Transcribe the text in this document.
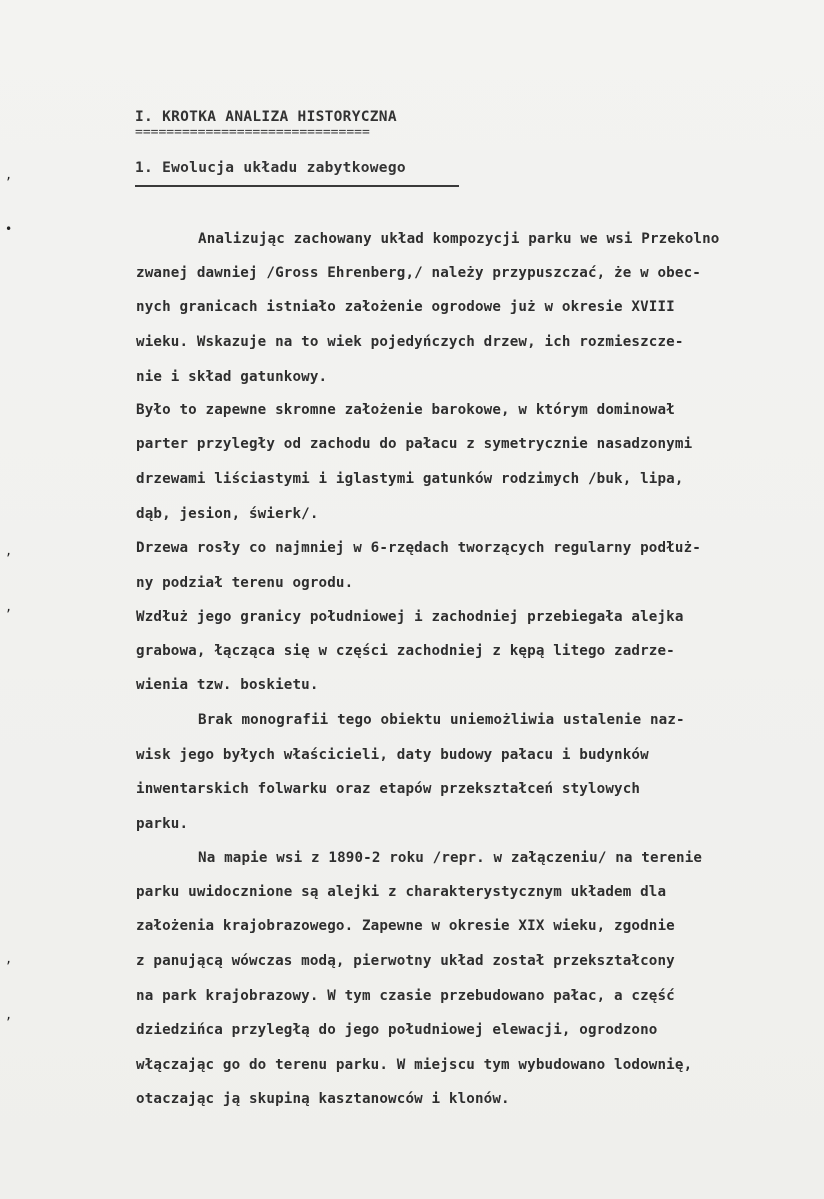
,
•
,
,
,
,
I. KROTKA ANALIZA HISTORYCZNA
==============================
1. Ewolucja układu zabytkowego
Analizując zachowany układ kompozycji parku we wsi Przekolno
zwanej dawniej /Gross Ehrenberg,/ należy przypuszczać, że w obec-
nych granicach istniało założenie ogrodowe już w okresie XVIII
wieku. Wskazuje na to wiek pojedyńczych drzew, ich rozmieszcze-
nie i skład gatunkowy.
Było to zapewne skromne założenie barokowe, w którym dominował
parter przyległy od zachodu do pałacu z symetrycznie nasadzonymi
drzewami liściastymi i iglastymi gatunków rodzimych /buk, lipa,
dąb, jesion, świerk/.
Drzewa rosły co najmniej w 6-rzędach tworzących regularny podłuż-
ny podział terenu ogrodu.
Wzdłuż jego granicy południowej i zachodniej przebiegała alejka
grabowa, łącząca się w części zachodniej z kępą litego zadrze-
wienia tzw. boskietu.
Brak monografii tego obiektu uniemożliwia ustalenie naz-
wisk jego byłych właścicieli, daty budowy pałacu i budynków
inwentarskich folwarku oraz etapów przekształceń stylowych
parku.
Na mapie wsi z 1890-2 roku /repr. w załączeniu/ na terenie
parku uwidocznione są alejki z charakterystycznym układem dla
założenia krajobrazowego. Zapewne w okresie XIX wieku, zgodnie
z panującą wówczas modą, pierwotny układ został przekształcony
na park krajobrazowy. W tym czasie przebudowano pałac, a część
dziedzińca przyległą do jego południowej elewacji, ogrodzono
włączając go do terenu parku. W miejscu tym wybudowano lodownię,
otaczając ją skupiną kasztanowców i klonów.
